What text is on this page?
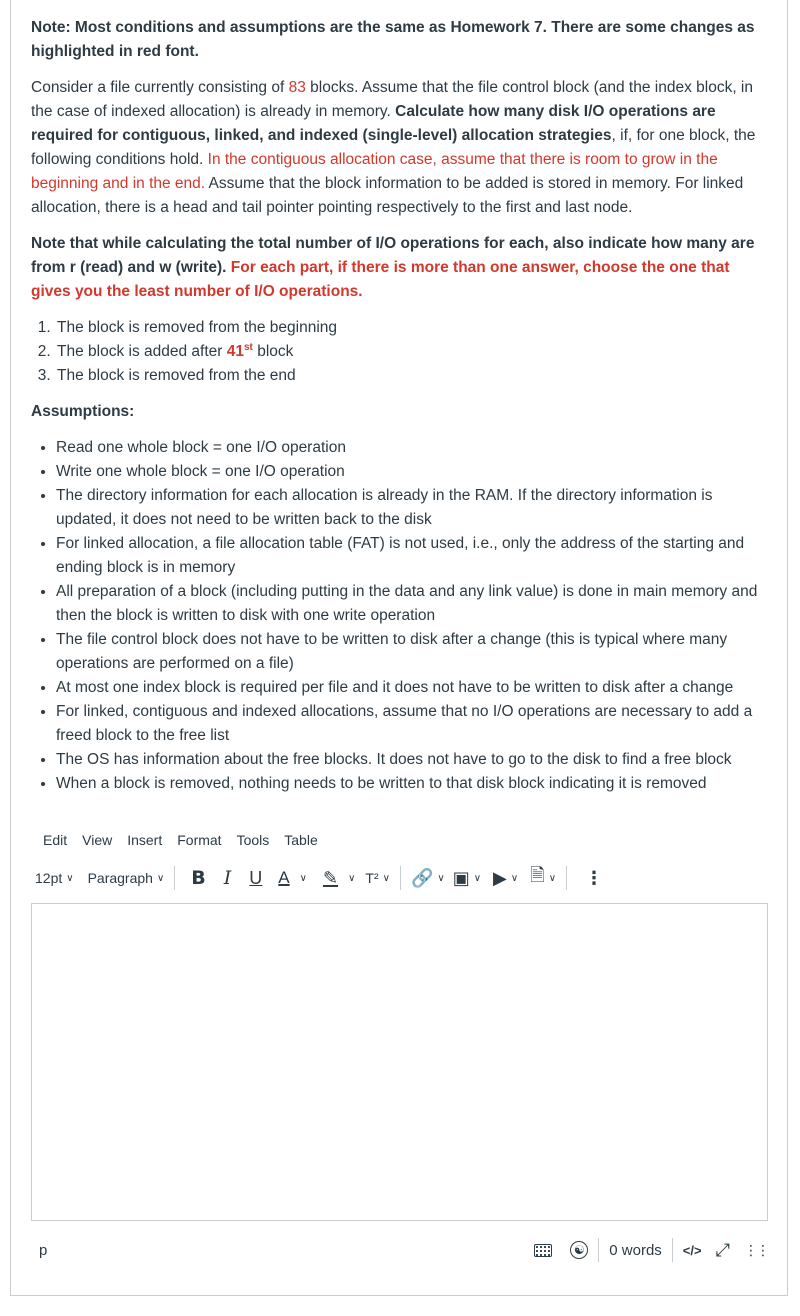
Note: Most conditions and assumptions are the same as Homework 7. There are some changes as highlighted in red font.

Consider a file currently consisting of 83 blocks. Assume that the file control block (and the index block, in the case of indexed allocation) is already in memory. Calculate how many disk I/O operations are required for contiguous, linked, and indexed (single-level) allocation strategies, if, for one block, the following conditions hold. In the contiguous allocation case, assume that there is room to grow in the beginning and in the end. Assume that the block information to be added is stored in memory. For linked allocation, there is a head and tail pointer pointing respectively to the first and last node.

Note that while calculating the total number of I/O operations for each, also indicate how many are from r (read) and w (write). For each part, if there is more than one answer, choose the one that gives you the least number of I/O operations.

1. The block is removed from the beginning
2. The block is added after 41st block
3. The block is removed from the end

Assumptions:

• Read one whole block = one I/O operation
• Write one whole block = one I/O operation
• The directory information for each allocation is already in the RAM. If the directory information is updated, it does not need to be written back to the disk
• For linked allocation, a file allocation table (FAT) is not used, i.e., only the address of the starting and ending block is in memory
• All preparation of a block (including putting in the data and any link value) is done in main memory and then the block is written to disk with one write operation
• The file control block does not have to be written to disk after a change (this is typical where many operations are performed on a file)
• At most one index block is required per file and it does not have to be written to disk after a change
• For linked, contiguous and indexed allocations, assume that no I/O operations are necessary to add a freed block to the free list
• The OS has information about the free blocks. It does not have to go to the disk to find a free block
• When a block is removed, nothing needs to be written to that disk block indicating it is removed
Edit View Insert Format Tools Table
12pt ∨ Paragraph ∨ B I U A ∨ ✎ ∨ T² ∨ 🔗 ∨ ▣ ∨ ▶ ∨ 🗎 ∨ ⋮
p	☯ 0 words </> ⤢ ⋮⋮
